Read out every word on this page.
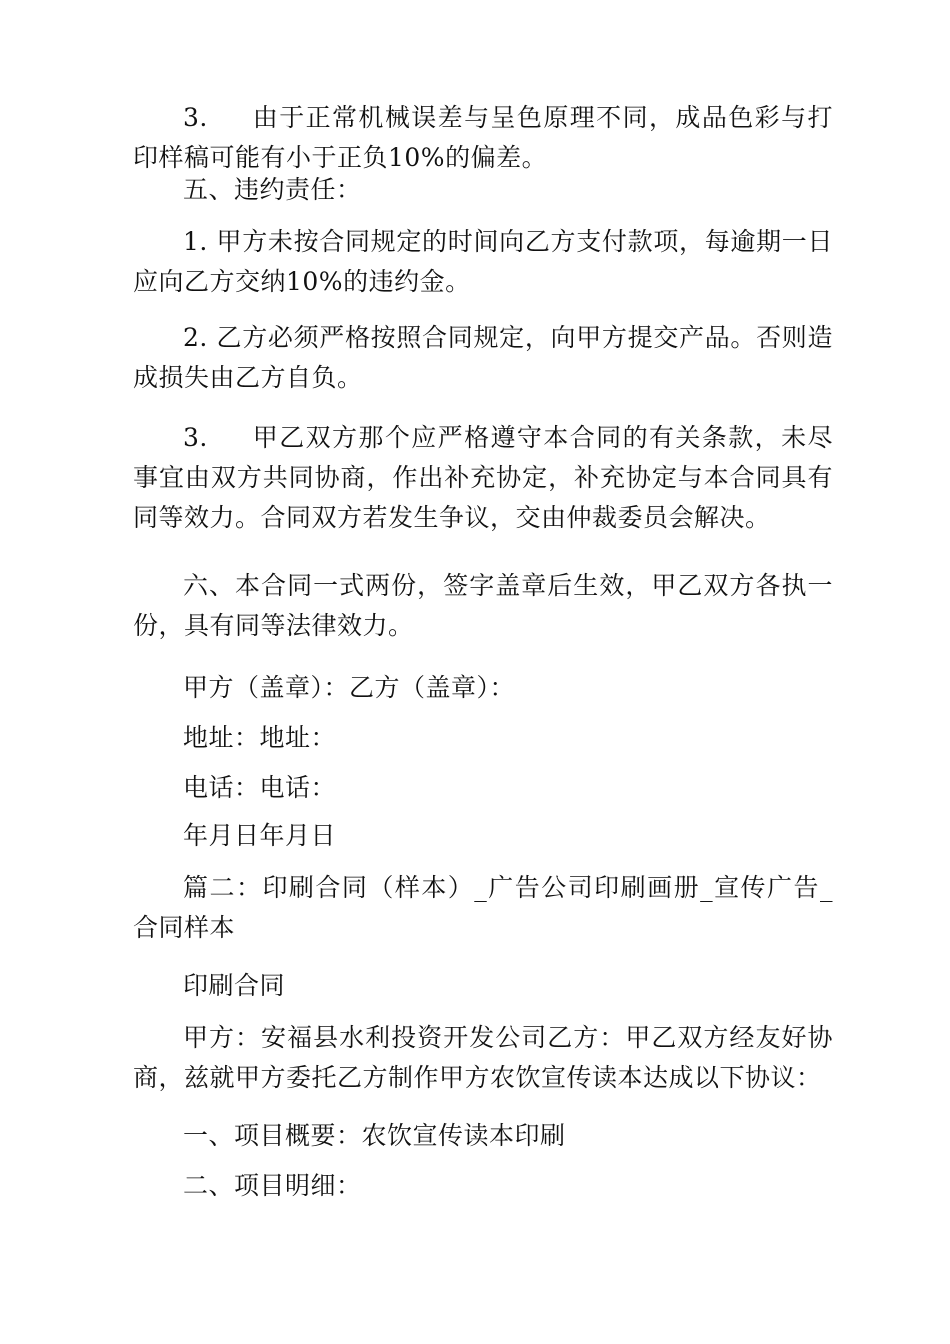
3. 由于正常机械误差与呈色原理不同，成品色彩与打印样稿可能有小于正负10%的偏差。

五、违约责任：

1. 甲方未按合同规定的时间向乙方支付款项，每逾期一日应向乙方交纳10%的违约金。

2. 乙方必须严格按照合同规定，向甲方提交产品。否则造成损失由乙方自负。

3. 甲乙双方那个应严格遵守本合同的有关条款，未尽事宜由双方共同协商，作出补充协定，补充协定与本合同具有同等效力。合同双方若发生争议，交由仲裁委员会解决。

六、本合同一式两份，签字盖章后生效，甲乙双方各执一份，具有同等法律效力。

甲方（盖章）：乙方（盖章）：

地址：地址：

电话：电话：

年月日年月日

篇二：印刷合同（样本）_广告公司印刷画册_宣传广告_合同样本

印刷合同

甲方：安福县水利投资开发公司乙方：甲乙双方经友好协商，兹就甲方委托乙方制作甲方农饮宣传读本达成以下协议：

一、项目概要：农饮宣传读本印刷

二、项目明细：
